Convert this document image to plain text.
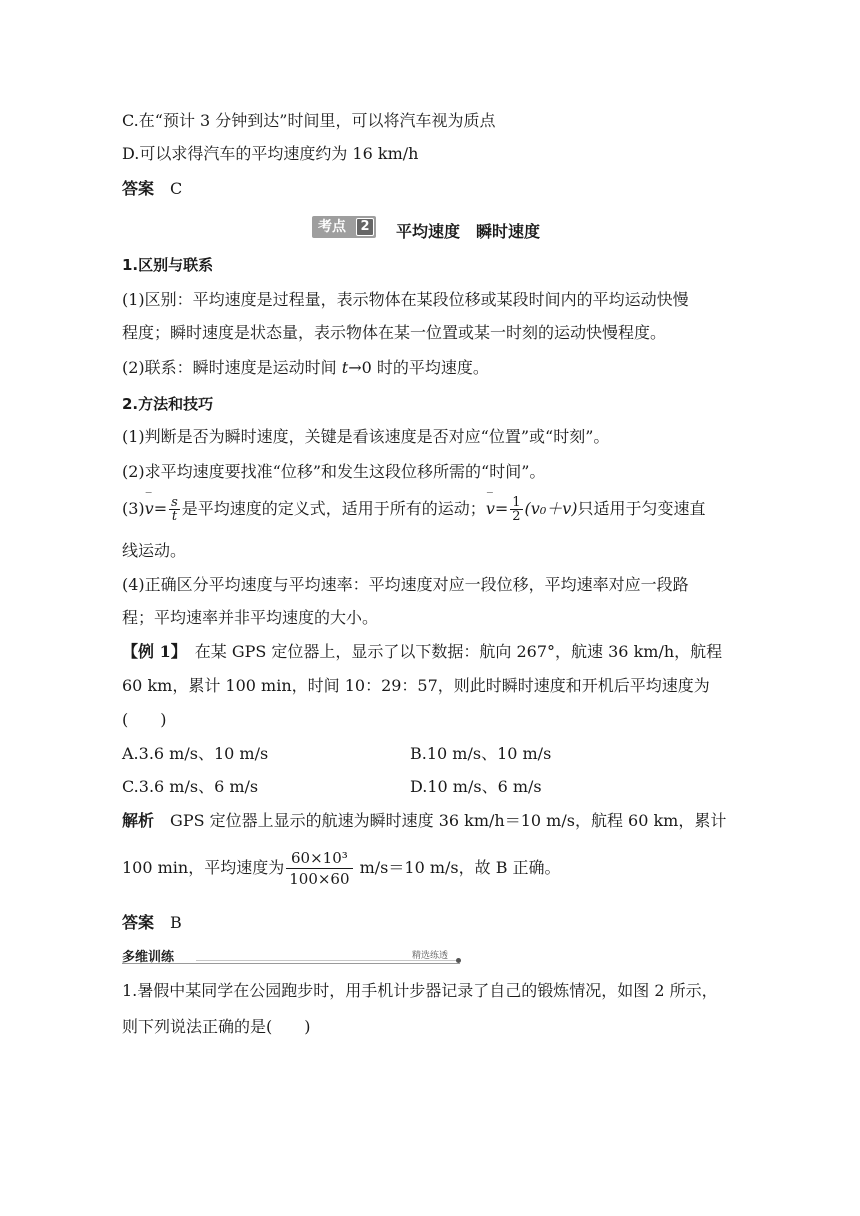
C.在“预计 3 分钟到达”时间里，可以将汽车视为质点
D.可以求得汽车的平均速度约为 16 km/h
答案　 C
考点	2 平均速度　瞬时速度
1.区别与联系
(1)区别：平均速度是过程量，表示物体在某段位移或某段时间内的平均运动快慢
程度；瞬时速度是状态量，表示物体在某一位置或某一时刻的运动快慢程度。
(2)联系：瞬时速度是运动时间 t→0 时的平均速度。
2.方法和技巧
(1)判断是否为瞬时速度，关键是看该速度是否对应“位置”或“时刻”。
(2)求平均速度要找准“位移”和发生这段位移所需的“时间”。
(3)‾ $v= \frac{s}{t}$ 是平均速度的定义式，适用于所有的运动；‾ $v= \frac{1}{2} (v_0+v)$只适用于匀变速直
线运动。
(4)正确区分平均速度与平均速率：平均速度对应一段位移，平均速率对应一段路
程；平均速率并非平均速度的大小。
【例 1】　 在某 GPS 定位器上，显示了以下数据：航向 267°，航速 36 km/h，航程
60 km，累计 100 min，时间 10：29：57，则此时瞬时速度和开机后平均速度为
(　　)
A.3.6 m/s、10 m/s	B.10 m/s、10 m/s
C.3.6 m/s、6 m/s	D.10 m/s、6 m/s
解析　 GPS 定位器上显示的航速为瞬时速度 36 km/h＝10 m/s，航程 60 km，累计
100 min，平均速度为 $\frac{\text{60×10³}}{100\times 60} m/s=10$ m/s，故 B 正确。
答案　 B
多维训练	精选练透
1.暑假中某同学在公园跑步时，用手机计步器记录了自己的锻炼情况，如图 2 所示，
则下列说法正确的是(　　)
